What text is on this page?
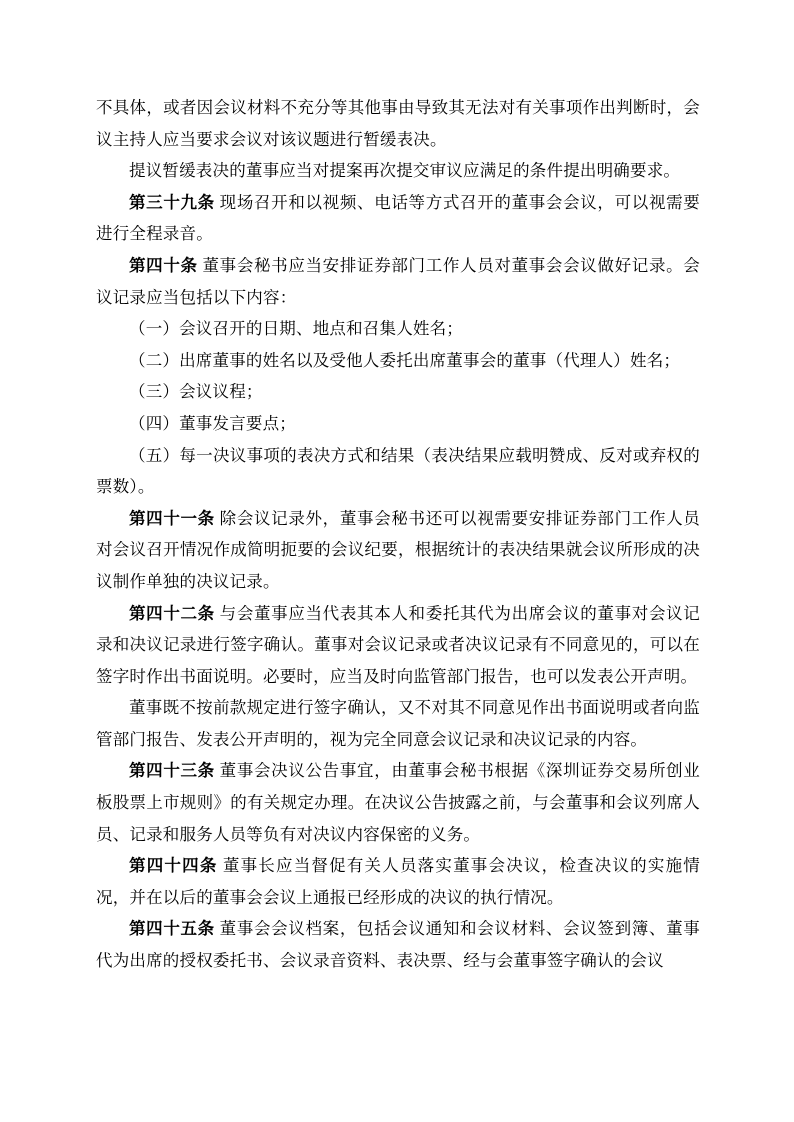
不具体，或者因会议材料不充分等其他事由导致其无法对有关事项作出判断时，会议主持人应当要求会议对该议题进行暂缓表决。

提议暂缓表决的董事应当对提案再次提交审议应满足的条件提出明确要求。

第三十九条 现场召开和以视频、电话等方式召开的董事会会议，可以视需要进行全程录音。

第四十条 董事会秘书应当安排证券部门工作人员对董事会会议做好记录。会议记录应当包括以下内容：

（一）会议召开的日期、地点和召集人姓名；

（二）出席董事的姓名以及受他人委托出席董事会的董事（代理人）姓名；

（三）会议议程；

（四）董事发言要点；

（五）每一决议事项的表决方式和结果（表决结果应载明赞成、反对或弃权的票数）。

第四十一条 除会议记录外，董事会秘书还可以视需要安排证券部门工作人员对会议召开情况作成简明扼要的会议纪要，根据统计的表决结果就会议所形成的决议制作单独的决议记录。

第四十二条 与会董事应当代表其本人和委托其代为出席会议的董事对会议记录和决议记录进行签字确认。董事对会议记录或者决议记录有不同意见的，可以在签字时作出书面说明。必要时，应当及时向监管部门报告，也可以发表公开声明。

董事既不按前款规定进行签字确认，又不对其不同意见作出书面说明或者向监管部门报告、发表公开声明的，视为完全同意会议记录和决议记录的内容。

第四十三条 董事会决议公告事宜，由董事会秘书根据《深圳证券交易所创业板股票上市规则》的有关规定办理。在决议公告披露之前，与会董事和会议列席人员、记录和服务人员等负有对决议内容保密的义务。

第四十四条 董事长应当督促有关人员落实董事会决议，检查决议的实施情况，并在以后的董事会会议上通报已经形成的决议的执行情况。

第四十五条 董事会会议档案，包括会议通知和会议材料、会议签到簿、董事代为出席的授权委托书、会议录音资料、表决票、经与会董事签字确认的会议
